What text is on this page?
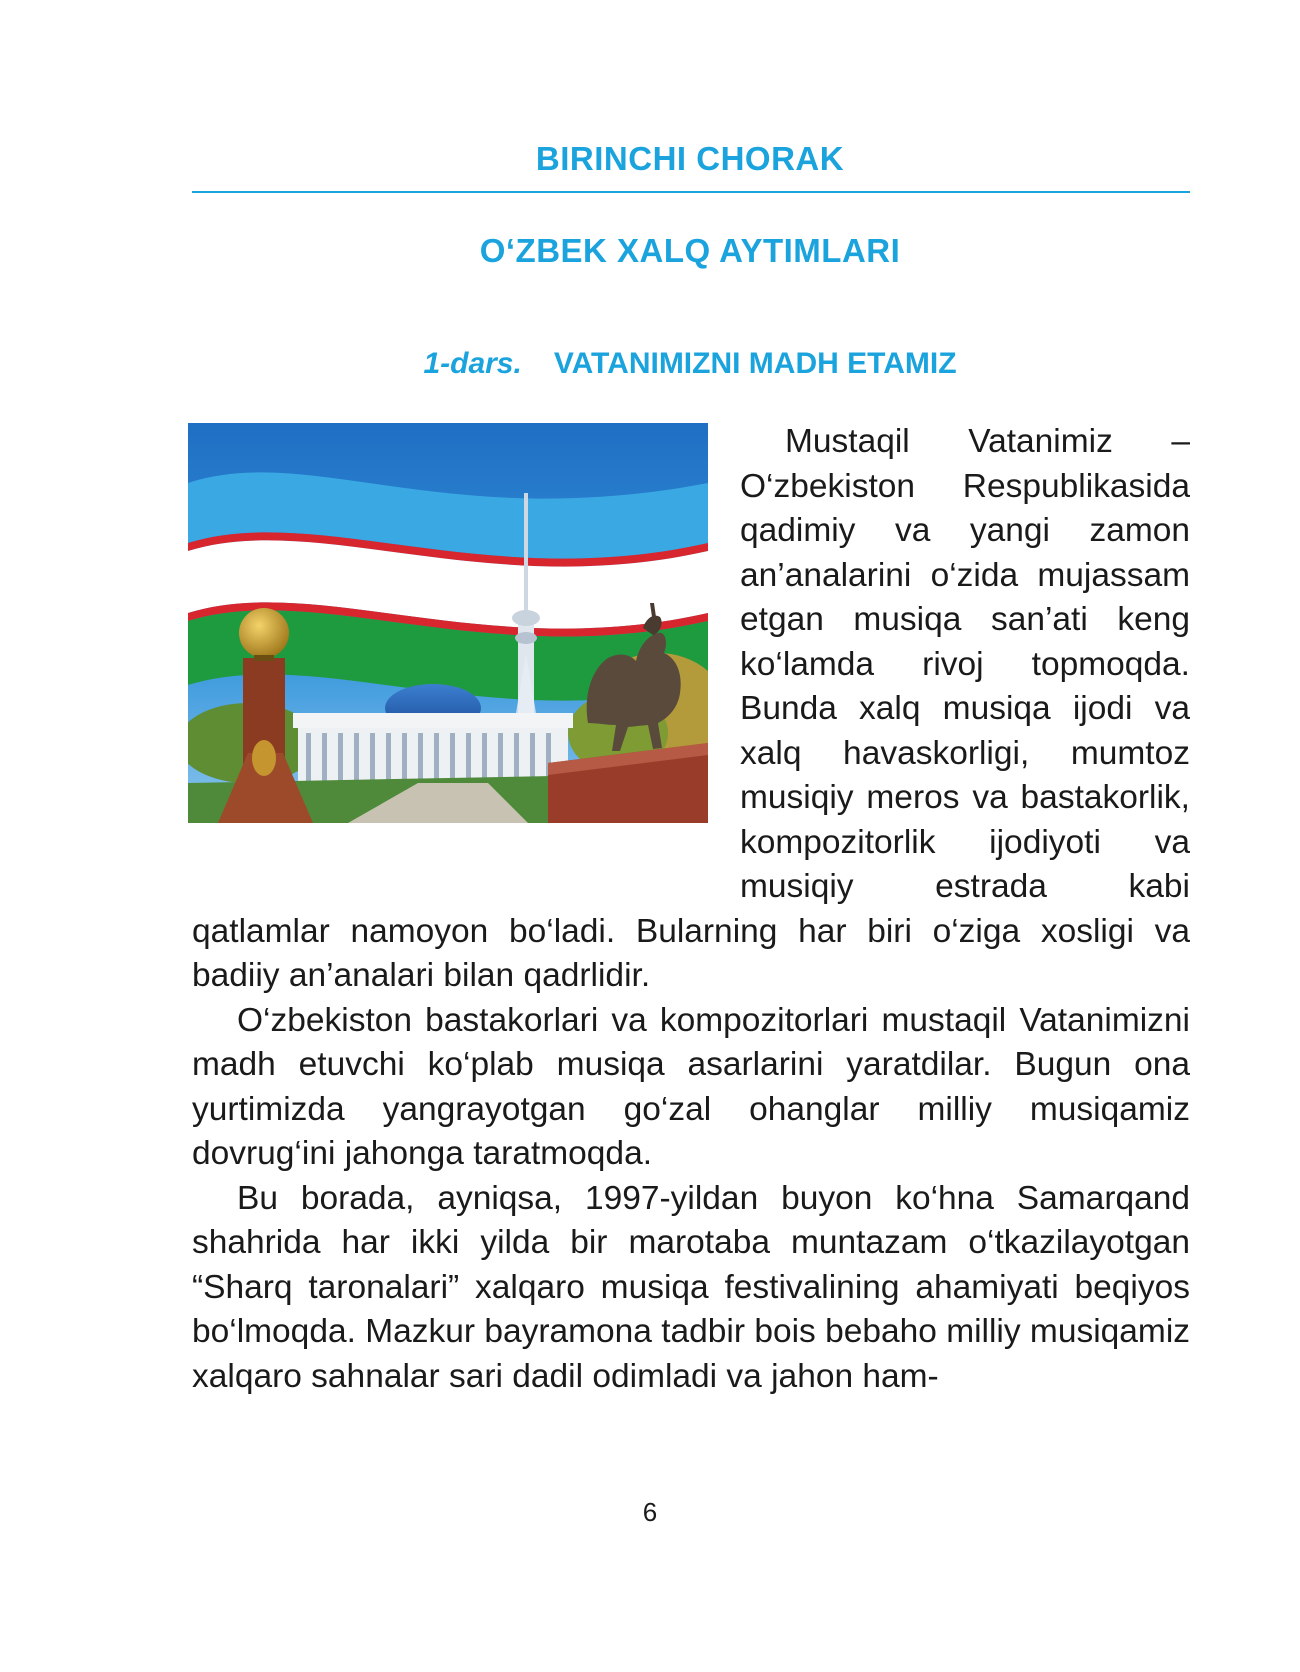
BIRINCHI CHORAK
O‘ZBEK XALQ AYTIMLARI
1-dars. VATANIMIZNI MADH ETAMIZ

Mustaqil Vatanimiz – O‘zbekiston Respublikasida qadimiy va yangi zamon an’analarini o‘zida mujassam etgan musiqa san’ati keng ko‘lamda rivoj topmoqda. Bunda xalq musiqa ijodi va xalq havaskorligi, mumtoz musiqiy meros va bastakorlik, kompozitorlik ijodiyoti va musiqiy estrada kabi qatlamlar namoyon bo‘ladi. Bularning har biri o‘ziga xosligi va badiiy an’analari bilan qadrlidir.

O‘zbekiston bastakorlari va kompozitorlari mustaqil Vatanimizni madh etuvchi ko‘plab musiqa asarlarini yaratdilar. Bugun ona yurtimizda yangrayotgan go‘zal ohanglar milliy musiqamiz dovrug‘ini jahonga taratmoqda.

Bu borada, ayniqsa, 1997-yildan buyon ko‘hna Samarqand shahrida har ikki yilda bir marotaba muntazam o‘tkazilayotgan “Sharq taronalari” xalqaro musiqa festivalining ahamiyati beqiyos bo‘lmoqda. Mazkur bayramona tadbir bois bebaho milliy musiqamiz xalqaro sahnalar sari dadil odimladi va jahon ham-

6
